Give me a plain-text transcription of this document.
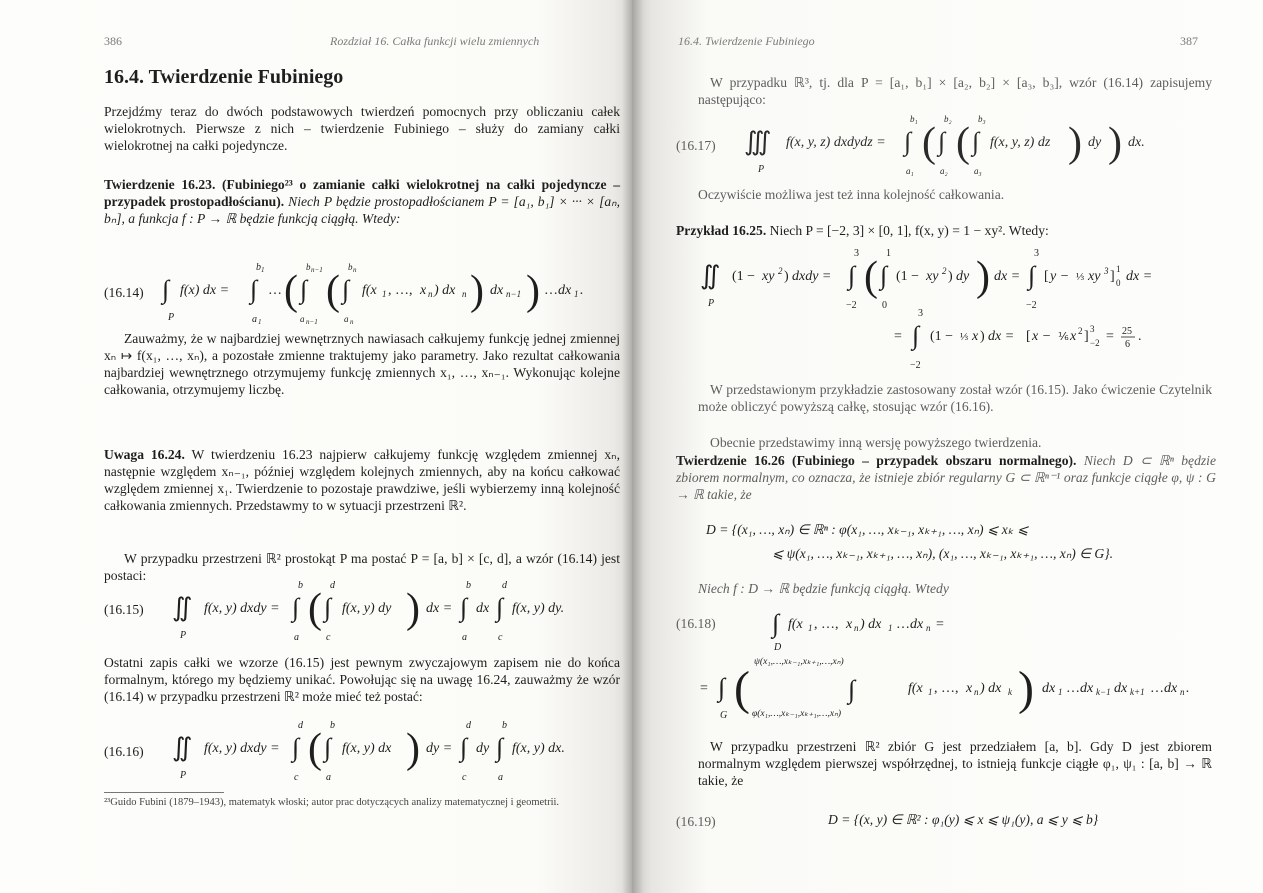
386	Rozdział 16. Całka funkcji wielu zmiennych
16.4. Twierdzenie Fubiniego
Przejdźmy teraz do dwóch podstawowych twierdzeń pomocnych przy obliczaniu całek wielokrotnych. Pierwsze z nich – twierdzenie Fubiniego – służy do zamiany całki wielokrotnej na całki pojedyncze.
Twierdzenie 16.23. (Fubiniego²³ o zamianie całki wielokrotnej na całki pojedyncze – przypadek prostopadłościanu). Niech P będzie prostopadłościanem P = [a₁, b₁] × ··· × [aₙ, bₙ], a funkcja f : P → ℝ będzie funkcją ciągłą. Wtedy:
(16.14) ∫
P
f(x) dx = ∫
b 1
a 1
… ( ∫
b n−1
a n−1
( ∫
b n
a n
f(x 1 , …, x n ) dx n ) dx n−1 ) … dx 1 .
Zauważmy, że w najbardziej wewnętrznych nawiasach całkujemy funkcję jednej zmiennej xₙ ↦ f(x₁, …, xₙ), a pozostałe zmienne traktujemy jako parametry. Jako rezultat całkowania najbardziej wewnętrznego otrzymujemy funkcję zmiennych x₁, …, xₙ₋₁. Wykonując kolejne całkowania, otrzymujemy liczbę.
Uwaga 16.24. W twierdzeniu 16.23 najpierw całkujemy funkcję względem zmiennej xₙ, następnie względem xₙ₋₁, później względem kolejnych zmiennych, aby na końcu całkować względem zmiennej x₁. Twierdzenie to pozostaje prawdziwe, jeśli wybierzemy inną kolejność całkowania zmiennych. Przedstawmy to w sytuacji przestrzeni ℝ².
W przypadku przestrzeni ℝ² prostokąt P ma postać P = [a, b] × [c, d], a wzór (16.14) jest postaci:
(16.15) ∬
P
f(x, y) dxdy = ∫
b
a
( ∫
d
c
f(x, y) dy ) dx = ∫
b
a
dx ∫
d
c
f(x, y) dy.
Ostatni zapis całki we wzorze (16.15) jest pewnym zwyczajowym zapisem nie do końca formalnym, którego my będziemy unikać. Powołując się na uwagę 16.24, zauważmy że wzór (16.14) w przypadku przestrzeni ℝ² może mieć też postać:
(16.16) ∬
P
f(x, y) dxdy = ∫
d
c
( ∫
b
a
f(x, y) dx ) dy = ∫
d
c
dy ∫
b
a
f(x, y) dx.
²³Guido Fubini (1879–1943), matematyk włoski; autor prac dotyczących analizy matematycznej i geometrii.
16.4. Twierdzenie Fubiniego	387
W przypadku ℝ³, tj. dla P = [a₁, b₁] × [a₂, b₂] × [a₃, b₃], wzór (16.14) zapisujemy następująco:
(16.17) ∭
P
f(x, y, z) dxdydz = ∫
b₁
a₁
( ∫
b₂
a₂
( ∫
b₃
a₃
f(x, y, z) dz ) dy ) dx.
Oczywiście możliwa jest też inna kolejność całkowania.
Przykład 16.25. Niech P = [−2, 3] × [0, 1], f(x, y) = 1 − xy². Wtedy:
∬
P
(1 − xy 2 ) dxdy = ∫
3
−2
( ∫
1
0
(1 − xy 2 ) dy ) dx = ∫
3
−2
[ y − ⅓ xy 3 ] 1
0 dx =
= ∫
3
−2
(1 − ⅓ x ) dx = [ x − ⅙ x 2 ] 3
−2 = 25
6
.
W przedstawionym przykładzie zastosowany został wzór (16.15). Jako ćwiczenie Czytelnik może obliczyć powyższą całkę, stosując wzór (16.16).
Obecnie przedstawimy inną wersję powyższego twierdzenia.
Twierdzenie 16.26 (Fubiniego – przypadek obszaru normalnego). Niech D ⊂ ℝⁿ będzie zbiorem normalnym, co oznacza, że istnieje zbiór regularny G ⊂ ℝⁿ⁻¹ oraz funkcje ciągłe φ, ψ : G → ℝ takie, że
D = {(x₁, …, xₙ) ∈ ℝⁿ : φ(x₁, …, xₖ₋₁, xₖ₊₁, …, xₙ) ⩽ xₖ ⩽
⩽ ψ(x₁, …, xₖ₋₁, xₖ₊₁, …, xₙ), (x₁, …, xₖ₋₁, xₖ₊₁, …, xₙ) ∈ G}.
Niech f : D → ℝ będzie funkcją ciągłą. Wtedy
(16.18) ∫
D
f(x 1 , …, x n ) dx 1 … dx n =
= ∫
G
(	∫	f(x 1 , …, x n ) dx k ) dx 1 … dx k−1 dx k+1 … dx n .
ψ(x₁,…,xₖ₋₁,xₖ₊₁,…,xₙ)
φ(x₁,…,xₖ₋₁,xₖ₊₁,…,xₙ)
W przypadku przestrzeni ℝ² zbiór G jest przedziałem [a, b]. Gdy D jest zbiorem normalnym względem pierwszej współrzędnej, to istnieją funkcje ciągłe φ₁, ψ₁ : [a, b] → ℝ takie, że
(16.19)	D = {(x, y) ∈ ℝ² : φ₁(y) ⩽ x ⩽ ψ₁(y), a ⩽ y ⩽ b}
